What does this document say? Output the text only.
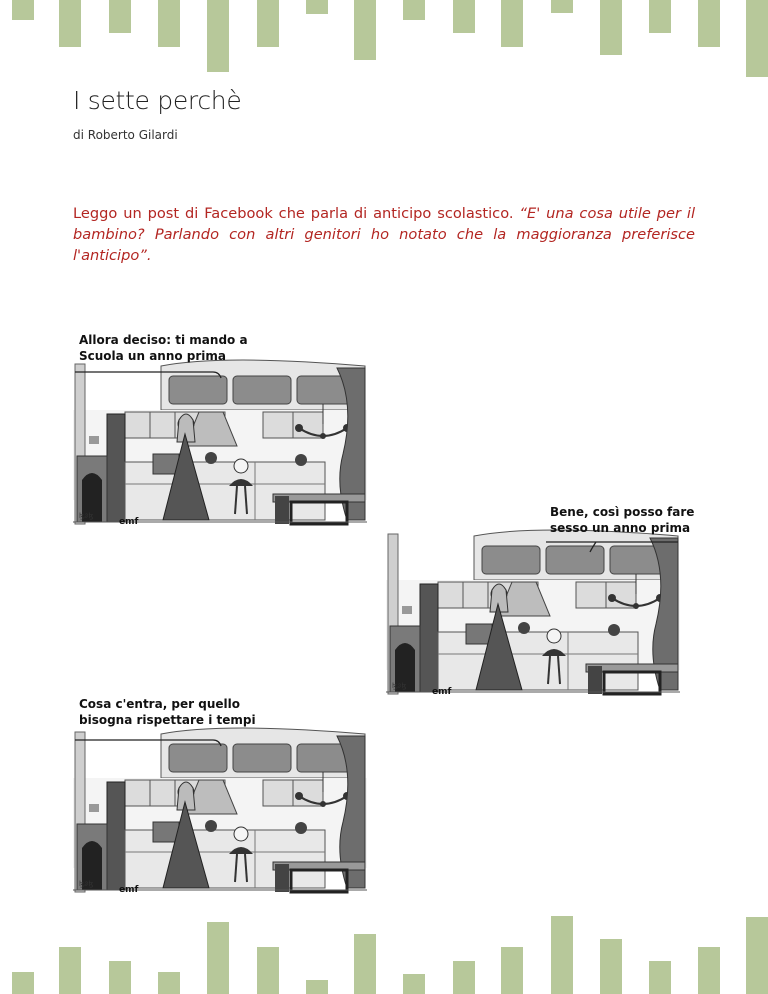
I sette perchè
di Roberto Gilardi
Leggo un post di Facebook che parla di anticipo scolastico. “E' una cosa utile per il bambino? Parlando con altri genitori ho notato che la maggioranza preferisce l'anticipo”.
Allora deciso: ti mando a
Scuola un anno prima
emf
Bene, così posso fare
sesso un anno prima
emf
Cosa c'entra, per quello
bisogna rispettare i tempi
emf
